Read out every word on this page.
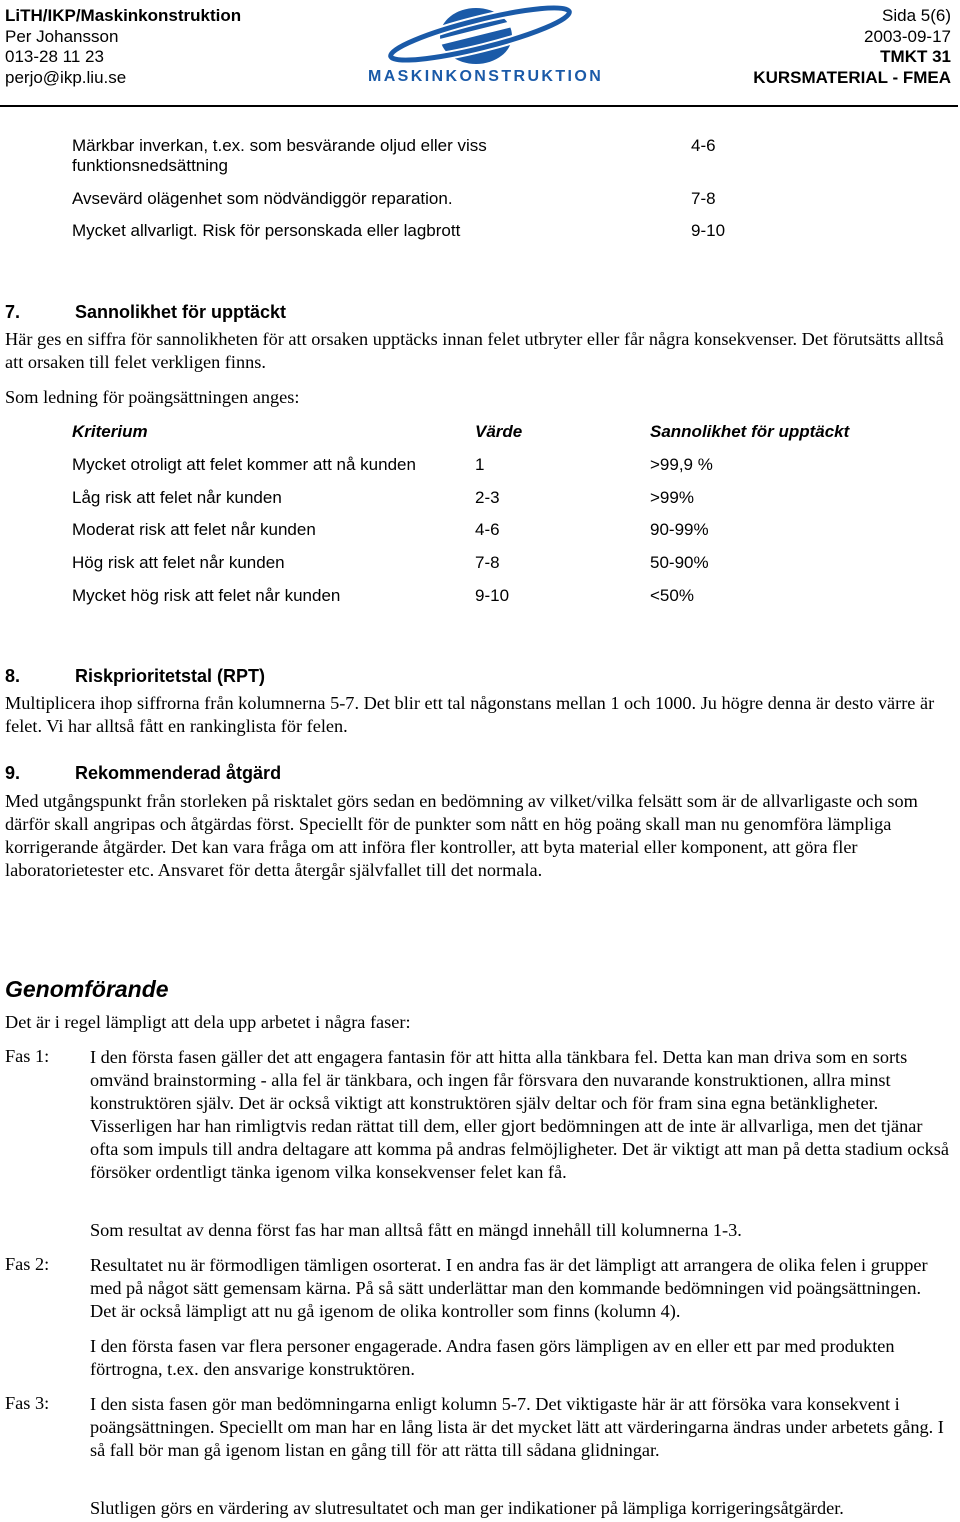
LiTH/IKP/Maskinkonstruktion
Per Johansson
013-28 11 23
perjo@ikp.liu.se	MASKINKONSTRUKTION
Sida 5(6)
2003-09-17
TMKT 31
KURSMATERIAL - FMEA
Märkbar inverkan, t.ex. som besvärande oljud eller viss
funktionsnedsättning
4-6
Avsevärd olägenhet som nödvändiggör reparation.	7-8
Mycket allvarligt. Risk för personskada eller lagbrott	9-10
7.	Sannolikhet för upptäckt
Här ges en siffra för sannolikheten för att orsaken upptäcks innan felet utbryter eller får några konsekvenser. Det förutsätts alltså att orsaken till felet verkligen finns.
Som ledning för poängsättningen anges:
Kriterium	Värde	Sannolikhet för upptäckt
Mycket otroligt att felet kommer att nå kunden	1	>99,9 %
Låg risk att felet når kunden	2-3	>99%
Moderat risk att felet når kunden	4-6	90-99%
Hög risk att felet når kunden	7-8	50-90%
Mycket hög risk att felet når kunden	9-10	<50%
8.	Riskprioritetstal (RPT)
Multiplicera ihop siffrorna från kolumnerna 5-7. Det blir ett tal någonstans mellan 1 och 1000. Ju högre denna är desto värre är felet. Vi har alltså fått en rankinglista för felen.
9.	Rekommenderad åtgärd
Med utgångspunkt från storleken på risktalet görs sedan en bedömning av vilket/vilka felsätt som är de allvarligaste och som därför skall angripas och åtgärdas först. Speciellt för de punkter som nått en hög poäng skall man nu genomföra lämpliga korrigerande åtgärder. Det kan vara fråga om att införa fler kontroller, att byta material eller komponent, att göra fler laboratorietester etc. Ansvaret för detta återgår självfallet till det normala.
Genomförande
Det är i regel lämpligt att dela upp arbetet i några faser:
Fas 1: I den första fasen gäller det att engagera fantasin för att hitta alla tänkbara fel. Detta kan man driva som en sorts omvänd brainstorming - alla fel är tänkbara, och ingen får försvara den nuvarande konstruktionen, allra minst konstruktören själv. Det är också viktigt att konstruktören själv deltar och för fram sina egna betänkligheter. Visserligen har han rimligtvis redan rättat till dem, eller gjort bedömningen att de inte är allvarliga, men det tjänar ofta som impuls till andra deltagare att komma på andras felmöjligheter. Det är viktigt att man på detta stadium också försöker ordentligt tänka igenom vilka konsekvenser felet kan få.
Som resultat av denna först fas har man alltså fått en mängd innehåll till kolumnerna 1-3.
Fas 2: Resultatet nu är förmodligen tämligen osorterat. I en andra fas är det lämpligt att arrangera de olika felen i grupper med på något sätt gemensam kärna. På så sätt underlättar man den kommande bedömningen vid poängsättningen. Det är också lämpligt att nu gå igenom de olika kontroller som finns (kolumn 4).
I den första fasen var flera personer engagerade. Andra fasen görs lämpligen av en eller ett par med produkten förtrogna, t.ex. den ansvarige konstruktören.
Fas 3: I den sista fasen gör man bedömningarna enligt kolumn 5-7. Det viktigaste här är att försöka vara konsekvent i poängsättningen. Speciellt om man har en lång lista är det mycket lätt att värderingarna ändras under arbetets gång. I så fall bör man gå igenom listan en gång till för att rätta till sådana glidningar.
Slutligen görs en värdering av slutresultatet och man ger indikationer på lämpliga korrigeringsåtgärder.
